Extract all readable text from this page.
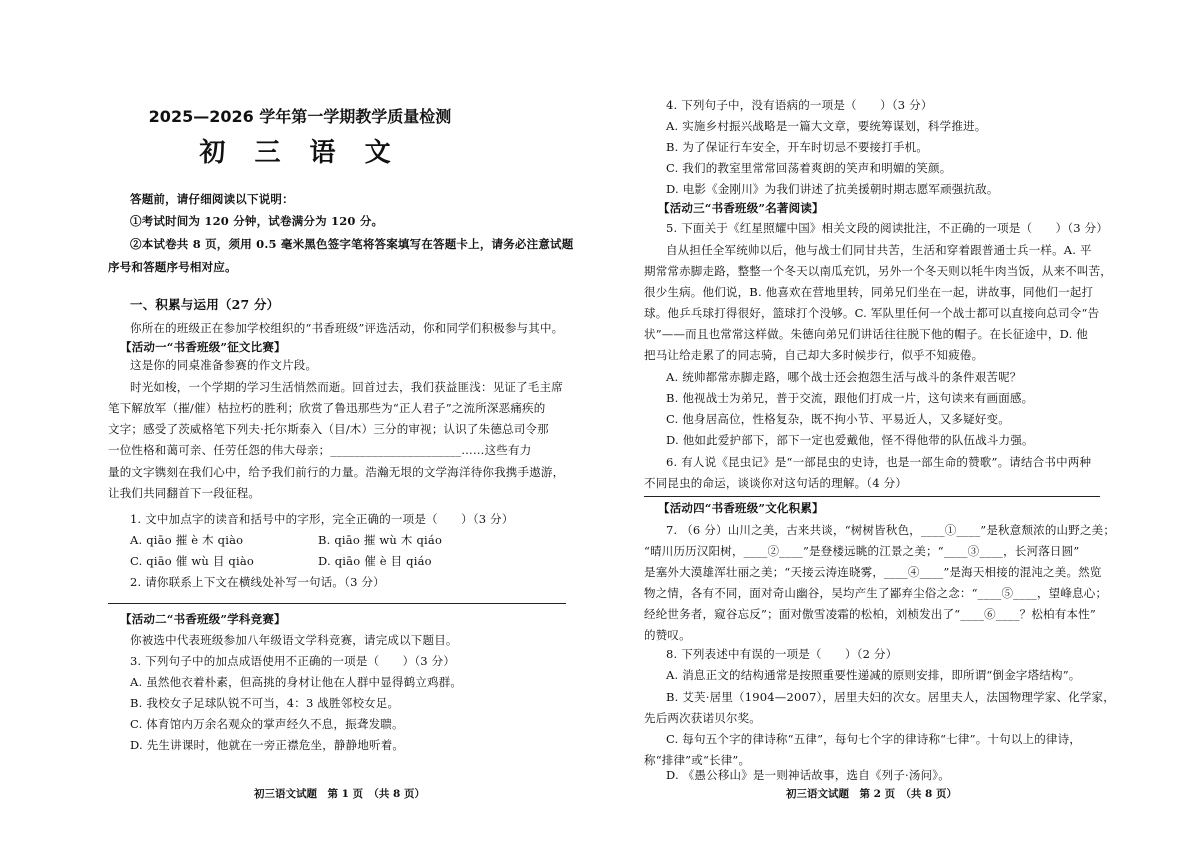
2025—2026 学年第一学期教学质量检测
初 三 语 文
答题前，请仔细阅读以下说明：
①考试时间为 120 分钟，试卷满分为 120 分。
②本试卷共 8 页，须用 0.5 毫米黑色签字笔将答案填写在答题卡上，请务必注意试题
序号和答题序号相对应。
一、积累与运用（27 分）
你所在的班级正在参加学校组织的“书香班级”评选活动，你和同学们积极参与其中。
【活动一“书香班级”征文比赛】
这是你的同桌准备参赛的作文片段。
时光如梭，一个学期的学习生活悄然而逝。回首过去，我们获益匪浅：见证了毛主席
笔下解放军（摧/催）枯拉朽的胜利；欣赏了鲁迅那些为“正人君子”之流所深恶痛疾的
文字；感受了茨威格笔下列夫·托尔斯泰入（目/木）三分的审视；认识了朱德总司令那
一位性格和蔼可亲、任劳任怨的伟大母亲；______________________……这些有力
量的文字镌刻在我们心中，给予我们前行的力量。浩瀚无垠的文学海洋待你我携手遨游，
让我们共同翻首下一段征程。
1. 文中加点字的读音和括号中的字形，完全正确的一项是（　　）（3 分）
A. qiāo 摧 è 木 qiào	B. qiāo 摧 wù 木 qiáo
C. qiāo 催 wù 目 qiào	D. qiāo 催 è 目 qiáo
2. 请你联系上下文在横线处补写一句话。（3 分）
【活动二“书香班级”学科竞赛】
你被选中代表班级参加八年级语文学科竞赛，请完成以下题目。
3. 下列句子中的加点成语使用不正确的一项是（　　）（3 分）
A. 虽然他衣着朴素，但高挑的身材让他在人群中显得鹤立鸡群。
B. 我校女子足球队锐不可当，4：3 战胜邻校女足。
C. 体育馆内万余名观众的掌声经久不息，振聋发聩。
D. 先生讲课时，他就在一旁正襟危坐，静静地听着。
初三语文试题　第 1 页　（共 8 页）
4. 下列句子中，没有语病的一项是（　　）（3 分）
A. 实施乡村振兴战略是一篇大文章，要统筹谋划，科学推进。
B. 为了保证行车安全，开车时切忌不要接打手机。
C. 我们的教室里常常回荡着爽朗的笑声和明媚的笑颜。
D. 电影《金刚川》为我们讲述了抗美援朝时期志愿军顽强抗敌。
【活动三“书香班级”名著阅读】
5. 下面关于《红星照耀中国》相关文段的阅读批注，不正确的一项是（　　）（3 分）
自从担任全军统帅以后，他与战士们同甘共苦，生活和穿着跟普通士兵一样。A. 平
期常常赤脚走路，整整一个冬天以南瓜充饥，另外一个冬天则以牦牛肉当饭，从来不叫苦，
很少生病。他们说，B. 他喜欢在营地里转，同弟兄们坐在一起，讲故事，同他们一起打
球。他乒乓球打得很好，篮球打个没够。C. 军队里任何一个战士都可以直接向总司令“告
状”——而且也常常这样做。朱德向弟兄们讲话往往脱下他的帽子。在长征途中，D. 他
把马让给走累了的同志骑，自己却大多时候步行，似乎不知疲倦。
A. 统帅都常赤脚走路，哪个战士还会抱怨生活与战斗的条件艰苦呢？
B. 他视战士为弟兄，普于交流，跟他们打成一片，这句读来有画面感。
C. 他身居高位，性格复杂，既不拘小节、平易近人，又多疑好变。
D. 他如此爱护部下，部下一定也爱戴他，怪不得他带的队伍战斗力强。
6. 有人说《昆虫记》是“一部昆虫的史诗，也是一部生命的赞歌”。请结合书中两种
不同昆虫的命运，谈谈你对这句话的理解。（4 分）
【活动四“书香班级”文化积累】
7. （6 分）山川之美，古来共谈，“树树皆秋色，____①____”是秋意颓浓的山野之美；
“晴川历历汉阳树，____②____”是登楼远眺的江景之美；“____③____，长河落日圆”
是塞外大漠雄浑壮丽之美；“天接云涛连晓雾，____④____”是海天相接的混沌之美。然览
物之情，各有不同，面对奇山幽谷，吴均产生了鄙弃尘俗之念：“____⑤____，望峰息心；
经纶世务者，窥谷忘反”；面对傲雪凌霜的松柏，刘桢发出了“____⑥____？松柏有本性”
的赞叹。
8. 下列表述中有误的一项是（　　）（2 分）
A. 消息正文的结构通常是按照重要性递减的原则安排，即所谓“倒金字塔结构”。
B. 艾芙·居里（1904—2007），居里夫妇的次女。居里夫人，法国物理学家、化学家，
先后两次获诺贝尔奖。
C. 每句五个字的律诗称“五律”，每句七个字的律诗称“七律”。十句以上的律诗，
称“排律”或“长律”。
D. 《愚公移山》是一则神话故事，选自《列子·汤问》。
初三语文试题　第 2 页　（共 8 页）
